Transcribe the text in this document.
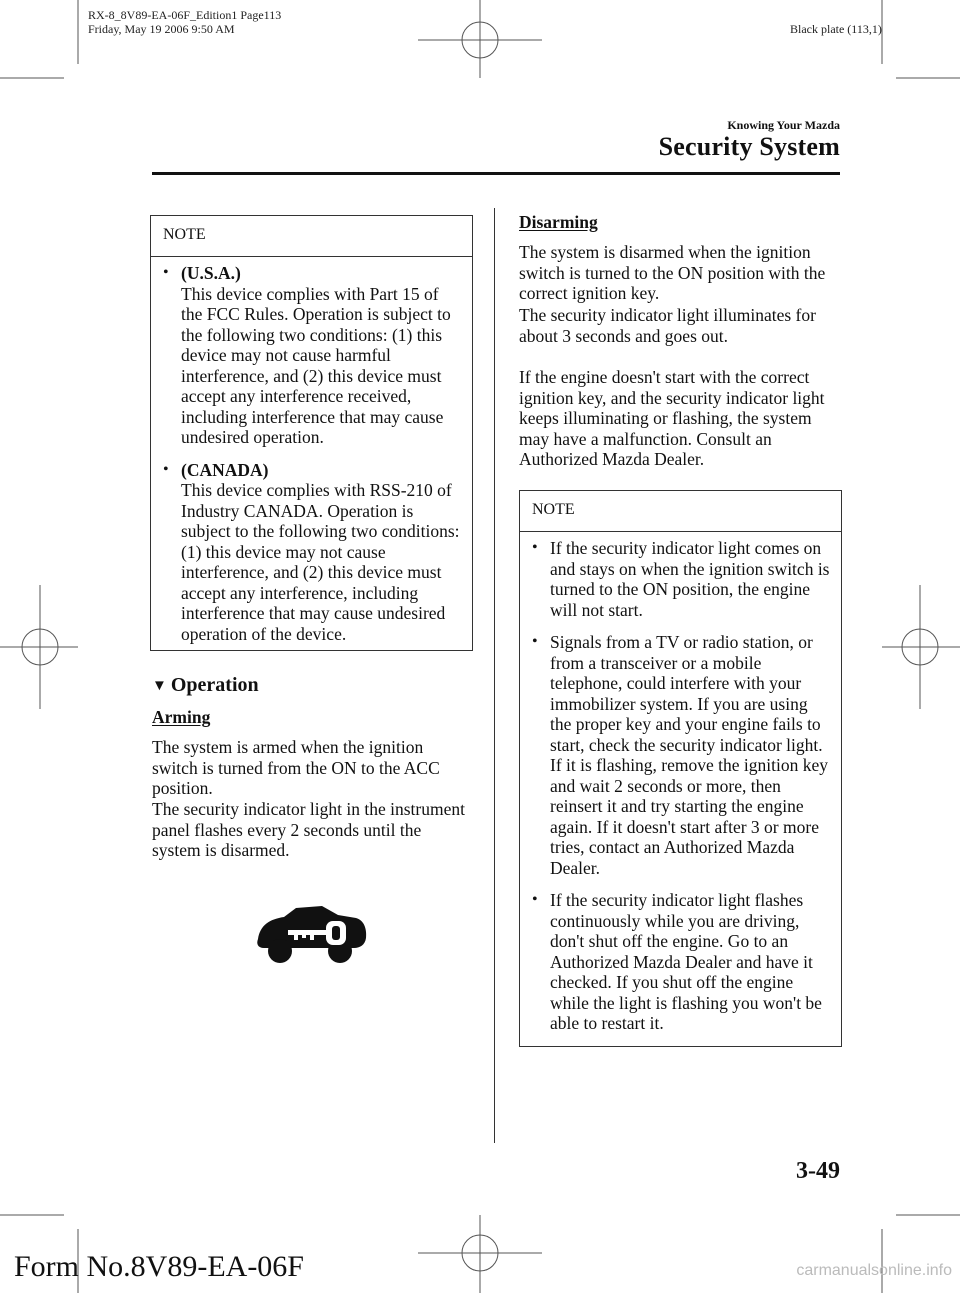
RX-8_8V89-EA-06F_Edition1 Page113
Friday, May 19 2006 9:50 AM	Black plate (113,1)
Knowing Your Mazda
Security System
NOTE
• (U.S.A.)
This device complies with Part 15 of the FCC Rules. Operation is subject to the following two conditions: (1) this device may not cause harmful interference, and (2) this device must accept any interference received, including interference that may cause undesired operation.
• (CANADA)
This device complies with RSS-210 of Industry CANADA. Operation is subject to the following two conditions: (1) this device may not cause interference, and (2) this device must accept any interference, including interference that may cause undesired operation of the device.
▼ Operation
Arming
The system is armed when the ignition switch is turned from the ON to the ACC position.
The security indicator light in the instrument panel flashes every 2 seconds until the system is disarmed.
Disarming
The system is disarmed when the ignition switch is turned to the ON position with the correct ignition key.
The security indicator light illuminates for about 3 seconds and goes out.
If the engine doesn't start with the correct ignition key, and the security indicator light keeps illuminating or flashing, the system may have a malfunction. Consult an Authorized Mazda Dealer.
NOTE
• If the security indicator light comes on and stays on when the ignition switch is turned to the ON position, the engine will not start.
• Signals from a TV or radio station, or from a transceiver or a mobile telephone, could interfere with your immobilizer system. If you are using the proper key and your engine fails to start, check the security indicator light. If it is flashing, remove the ignition key and wait 2 seconds or more, then reinsert it and try starting the engine again. If it doesn't start after 3 or more tries, contact an Authorized Mazda Dealer.
• If the security indicator light flashes continuously while you are driving, don't shut off the engine. Go to an Authorized Mazda Dealer and have it checked. If you shut off the engine while the light is flashing you won't be able to restart it.
3-49
Form No.8V89-EA-06F	carmanualsonline.info
